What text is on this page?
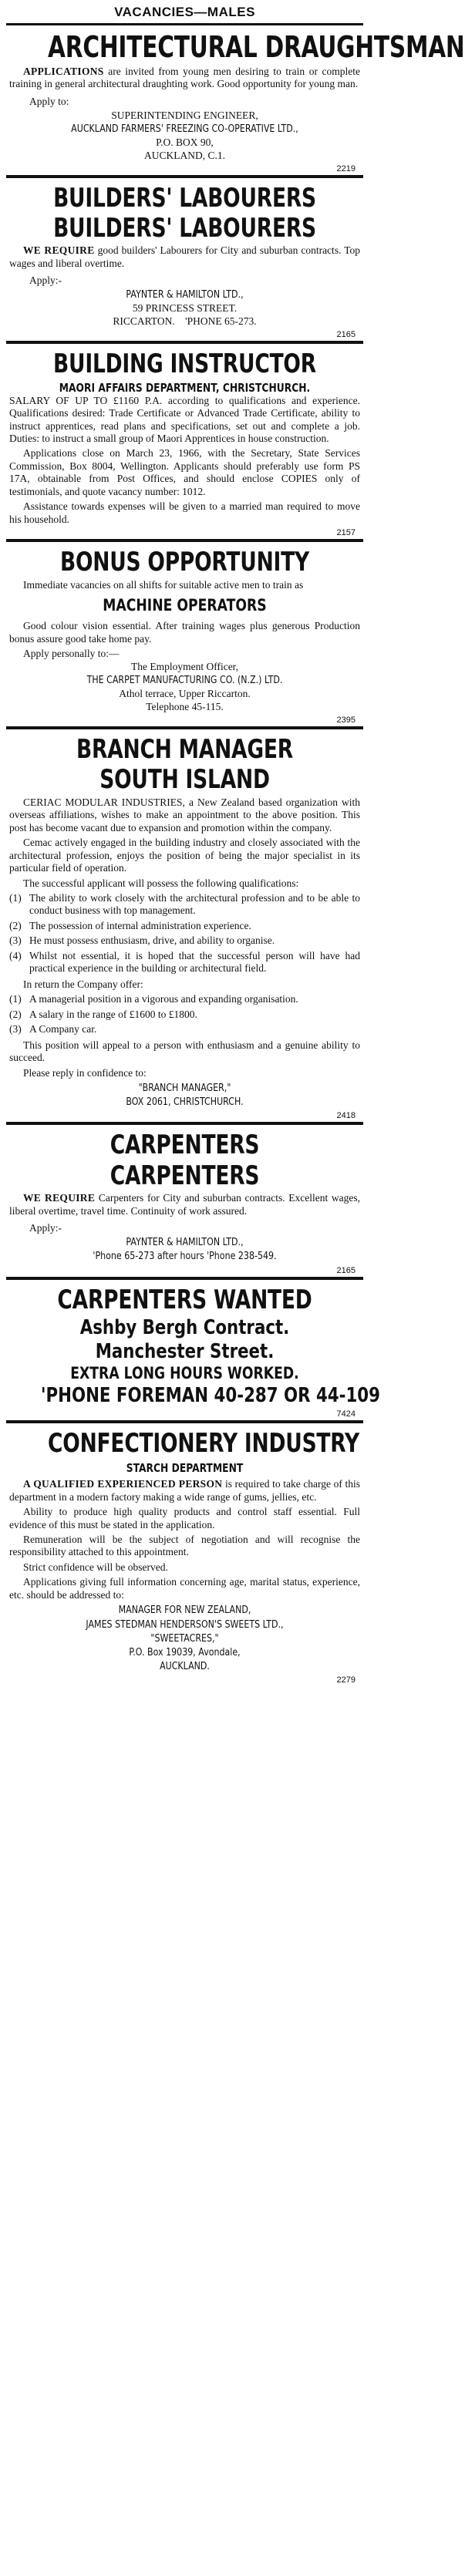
VACANCIES—MALES
ARCHITECTURAL DRAUGHTSMAN

APPLICATIONS are invited from young men desiring to train or complete training in general architectural draughting work. Good opportunity for young man.

Apply to:
SUPERINTENDING ENGINEER,
AUCKLAND FARMERS' FREEZING CO-OPERATIVE LTD.,
P.O. BOX 90,
AUCKLAND, C.1.
2219
BUILDERS' LABOURERS
BUILDERS' LABOURERS

WE REQUIRE good builders' Labourers for City and suburban contracts. Top wages and liberal overtime.

Apply:-
PAYNTER & HAMILTON LTD.,
59 PRINCESS STREET.
RICCARTON.    'PHONE 65-273.
2165
BUILDING INSTRUCTOR
MAORI AFFAIRS DEPARTMENT, CHRISTCHURCH.

SALARY OF UP TO £1160 P.A. according to qualifications and experience. Qualifications desired: Trade Certificate or Advanced Trade Certificate, ability to instruct apprentices, read plans and specifications, set out and complete a job. Duties: to instruct a small group of Maori Apprentices in house construction.

Applications close on March 23, 1966, with the Secretary, State Services Commission, Box 8004, Wellington. Applicants should preferably use form PS 17A, obtainable from Post Offices, and should enclose COPIES only of testimonials, and quote vacancy number: 1012.

Assistance towards expenses will be given to a married man required to move his household.

2157
BONUS OPPORTUNITY

Immediate vacancies on all shifts for suitable active men to train as

MACHINE OPERATORS

Good colour vision essential. After training wages plus generous Production bonus assure good take home pay.

Apply personally to:—
The Employment Officer,
THE CARPET MANUFACTURING CO. (N.Z.) LTD.
Athol terrace, Upper Riccarton.
Telephone 45-115.
2395
BRANCH MANAGER
SOUTH ISLAND

CERIAC MODULAR INDUSTRIES, a New Zealand based organization with overseas affiliations, wishes to make an appointment to the above position. This post has become vacant due to expansion and promotion within the company.

Cemac actively engaged in the building industry and closely associated with the architectural profession, enjoys the position of being the major specialist in its particular field of operation.

The successful applicant will possess the following qualifications:

(1) The ability to work closely with the architectural profession and to be able to conduct business with top management.
(2) The possession of internal administration experience.
(3) He must possess enthusiasm, drive, and ability to organise.
(4) Whilst not essential, it is hoped that the successful person will have had practical experience in the building or architectural field.

In return the Company offer:

(1) A managerial position in a vigorous and expanding organisation.
(2) A salary in the range of £1600 to £1800.
(3) A Company car.

This position will appeal to a person with enthusiasm and a genuine ability to succeed.

Please reply in confidence to:

"BRANCH MANAGER,"
BOX 2061, CHRISTCHURCH.
2418
CARPENTERS
CARPENTERS

WE REQUIRE Carpenters for City and suburban contracts. Excellent wages, liberal overtime, travel time. Continuity of work assured.

Apply:-
PAYNTER & HAMILTON LTD.,
'Phone 65-273 after hours 'Phone 238-549.
2165
CARPENTERS WANTED
Ashby Bergh Contract.
Manchester Street.
EXTRA LONG HOURS WORKED.
'PHONE FOREMAN 40-287 OR 44-109
7424
CONFECTIONERY INDUSTRY
STARCH DEPARTMENT

A QUALIFIED EXPERIENCED PERSON is required to take charge of this department in a modern factory making a wide range of gums, jellies, etc.

Ability to produce high quality products and control staff essential. Full evidence of this must be stated in the application.

Remuneration will be the subject of negotiation and will recognise the responsibility attached to this appointment.

Strict confidence will be observed.

Applications giving full information concerning age, marital status, experience, etc. should be addressed to:

MANAGER FOR NEW ZEALAND,
JAMES STEDMAN HENDERSON'S SWEETS LTD.,
"SWEETACRES,"
P.O. Box 19039, Avondale,
AUCKLAND.
2279
